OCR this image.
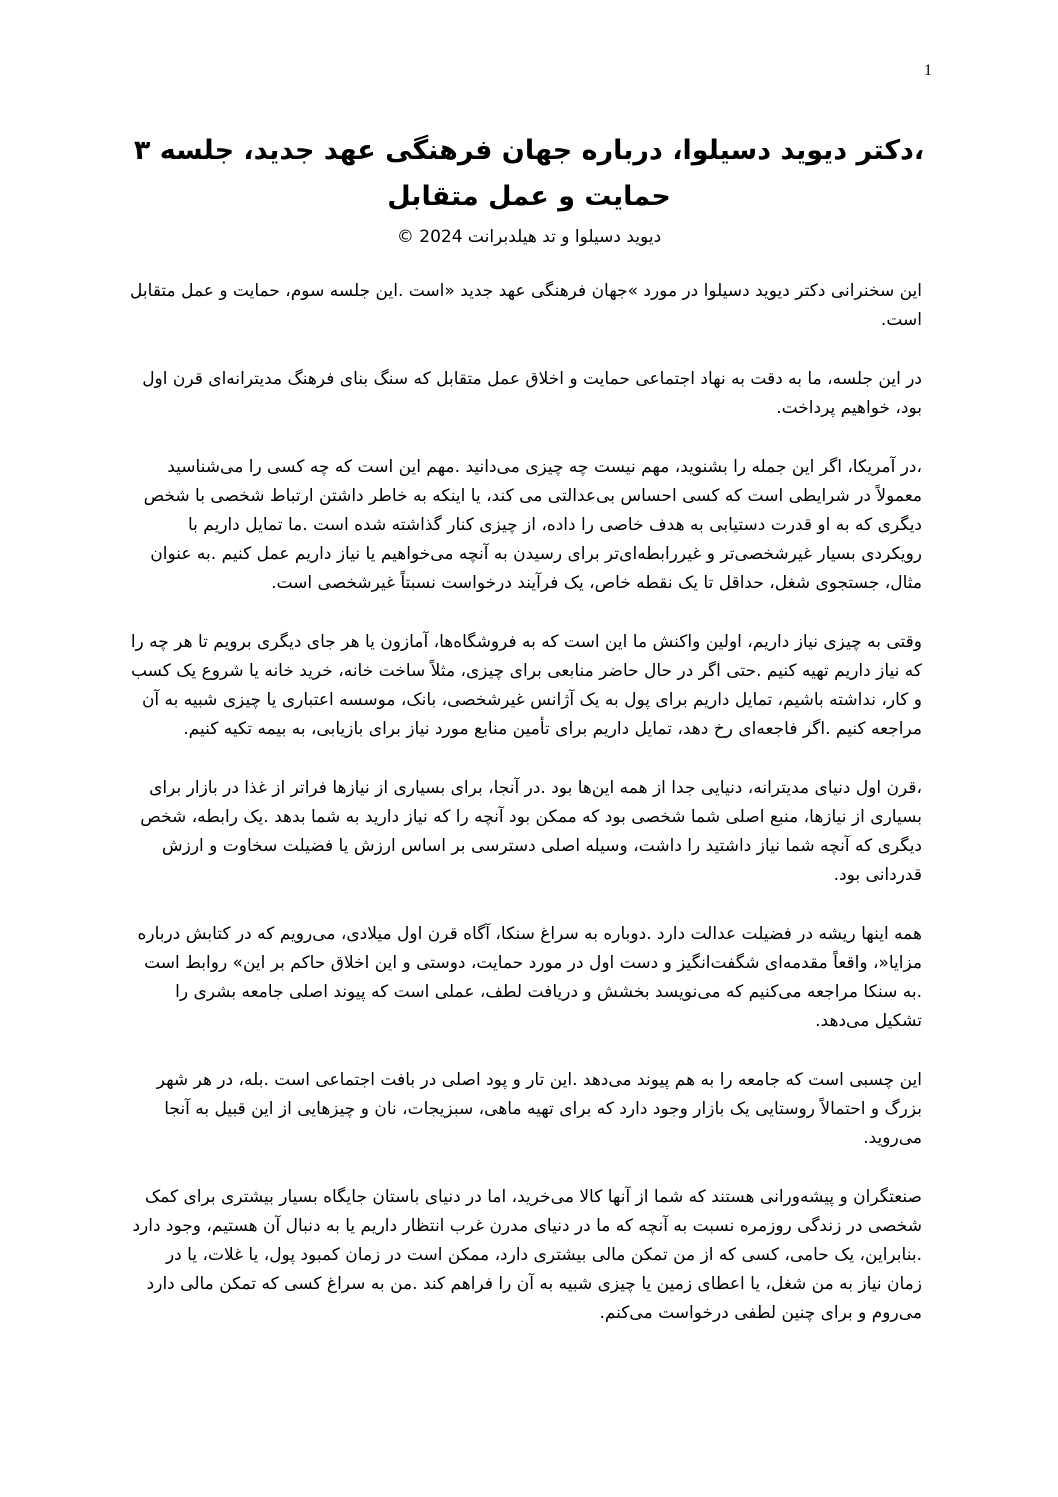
1
،دکتر دیوید دسیلوا، درباره جهان فرهنگی عهد جدید، جلسه ۳
حمایت و عمل متقابل
دیوید دسیلوا و تد هیلدبرانت 2024 ©

این سخنرانی دکتر دیوید دسیلوا در مورد »جهان فرهنگی عهد جدید «است .این جلسه سوم، حمایت و عمل متقابل است.

در این جلسه، ما به دقت به نهاد اجتماعی حمایت و اخلاق عمل متقابل که سنگ بنای فرهنگ مدیترانه‌ای قرن اول بود، خواهیم پرداخت.

،در آمریکا، اگر این جمله را بشنوید، مهم نیست چه چیزی می‌دانید .مهم این است که چه کسی را می‌شناسید معمولاً در شرایطی است که کسی احساس بی‌عدالتی می کند، یا اینکه به خاطر داشتن ارتباط شخصی با شخص دیگری که به او قدرت دستیابی به هدف خاصی را داده، از چیزی کنار گذاشته شده است .ما تمایل داریم با رویکردی بسیار غیرشخصی‌تر و غیررابطه‌ای‌تر برای رسیدن به آنچه می‌خواهیم یا نیاز داریم عمل کنیم .به عنوان مثال، جستجوی شغل، حداقل تا یک نقطه خاص، یک فرآیند درخواست نسبتاً غیرشخصی است.

وقتی به چیزی نیاز داریم، اولین واکنش ما این است که به فروشگاه‌ها، آمازون یا هر جای دیگری برویم تا هر چه را که نیاز داریم تهیه کنیم .حتی اگر در حال حاضر منابعی برای چیزی، مثلاً ساخت خانه، خرید خانه یا شروع یک کسب و کار، نداشته باشیم، تمایل داریم برای پول به یک آژانس غیرشخصی، بانک، موسسه اعتباری یا چیزی شبیه به آن مراجعه کنیم .اگر فاجعه‌ای رخ دهد، تمایل داریم برای تأمین منابع مورد نیاز برای بازیابی، به بیمه تکیه کنیم.

،قرن اول دنیای مدیترانه، دنیایی جدا از همه این‌ها بود .در آنجا، برای بسیاری از نیازها فراتر از غذا در بازار برای بسیاری از نیازها، منبع اصلی شما شخصی بود که ممکن بود آنچه را که نیاز دارید به شما بدهد .یک رابطه، شخص دیگری که آنچه شما نیاز داشتید را داشت، وسیله اصلی دسترسی بر اساس ارزش یا فضیلت سخاوت و ارزش قدردانی بود.

همه اینها ریشه در فضیلت عدالت دارد .دوباره به سراغ سنکا، آگاه قرن اول میلادی، می‌رویم که در کتابش درباره مزایا«، واقعاً مقدمه‌ای شگفت‌انگیز و دست اول در مورد حمایت، دوستی و این اخلاق حاکم بر این» روابط است .به سنکا مراجعه می‌کنیم که می‌نویسد بخشش و دریافت لطف، عملی است که پیوند اصلی جامعه بشری را تشکیل می‌دهد.

این چسبی است که جامعه را به هم پیوند می‌دهد .این تار و پود اصلی در بافت اجتماعی است .بله، در هر شهر بزرگ و احتمالاً روستایی یک بازار وجود دارد که برای تهیه ماهی، سبزیجات، نان و چیزهایی از این قبیل به آنجا می‌روید.

صنعتگران و پیشه‌ورانی هستند که شما از آنها کالا می‌خرید، اما در دنیای باستان جایگاه بسیار بیشتری برای کمک شخصی در زندگی روزمره نسبت به آنچه که ما در دنیای مدرن غرب انتظار داریم یا به دنبال آن هستیم، وجود دارد .بنابراین، یک حامی، کسی که از من تمکن مالی بیشتری دارد، ممکن است در زمان کمبود پول، یا غلات، یا در زمان نیاز به من شغل، یا اعطای زمین یا چیزی شبیه به آن را فراهم کند .من به سراغ کسی که تمکن مالی دارد می‌روم و برای چنین لطفی درخواست می‌کنم.
